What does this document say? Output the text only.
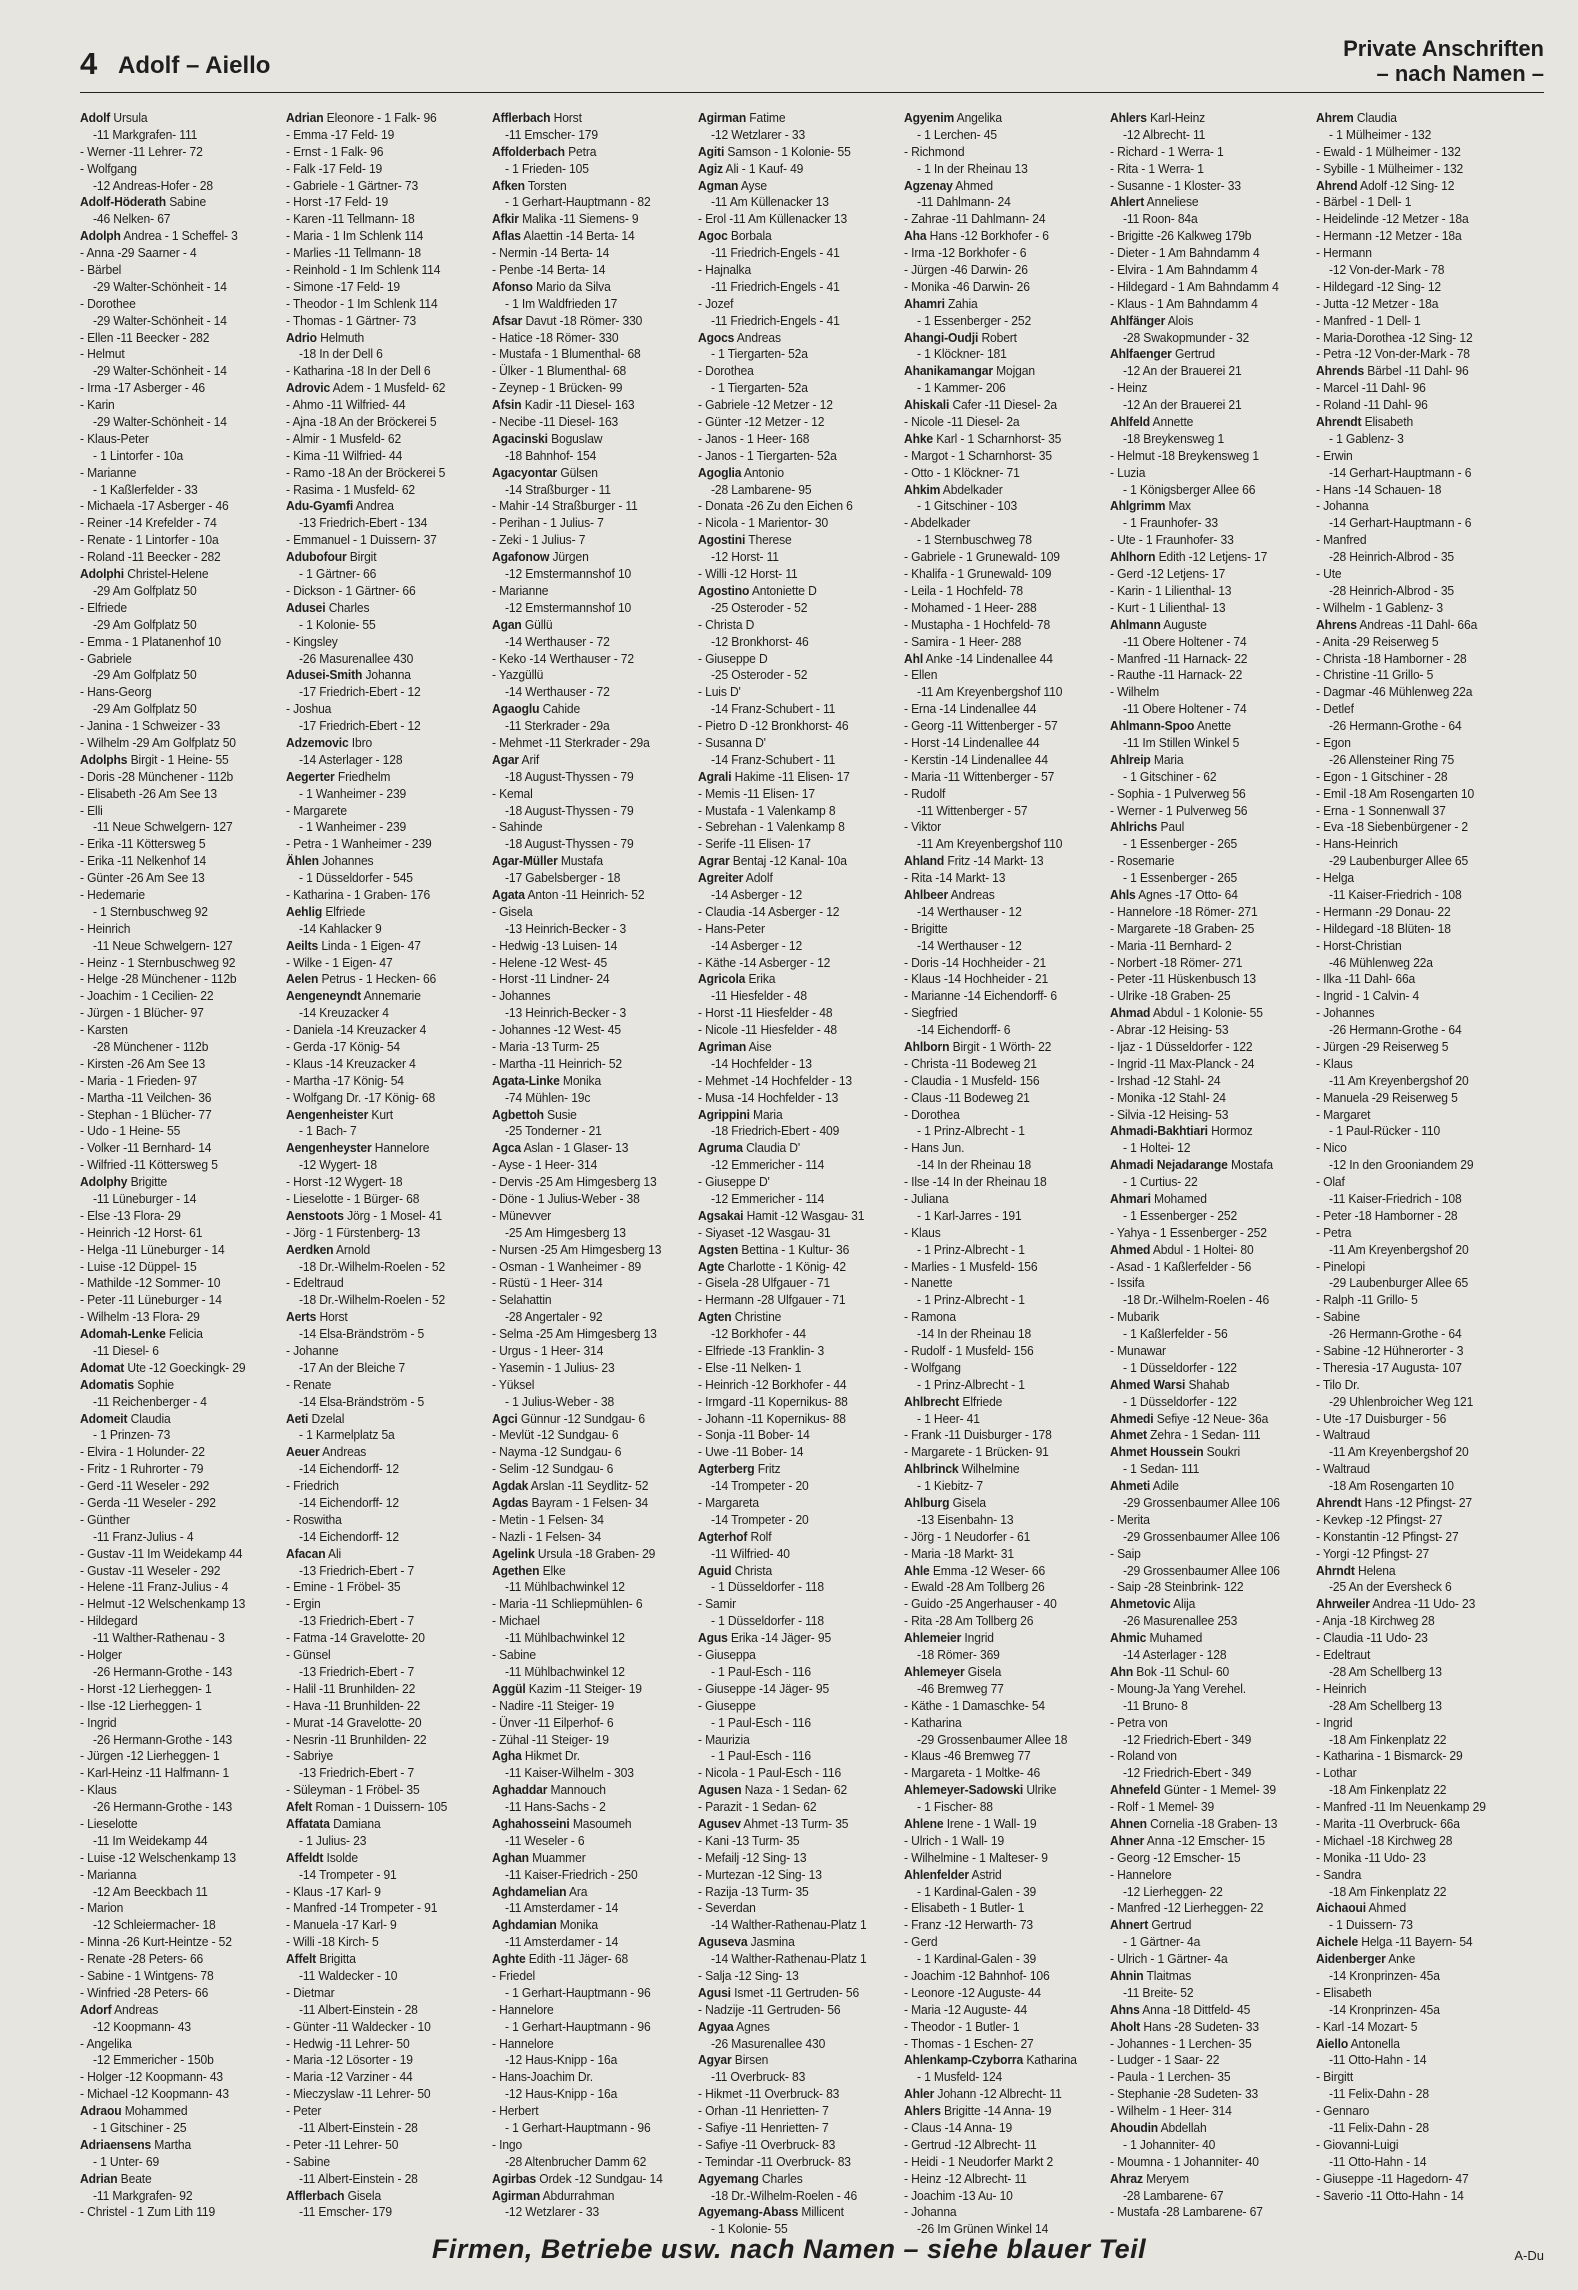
4 Adolf – Aiello
Private Anschriften
– nach Namen –
Adolf Ursula
-11 Markgrafen- 111
- Werner -11 Lehrer- 72
- Wolfgang
-12 Andreas-Hofer - 28
Adolf-Höderath Sabine
-46 Nelken- 67
Adolph Andrea - 1 Scheffel- 3
- Anna -29 Saarner - 4
- Bärbel
-29 Walter-Schönheit - 14
- Dorothee
-29 Walter-Schönheit - 14
- Ellen -11 Beecker - 282
- Helmut
-29 Walter-Schönheit - 14
- Irma -17 Asberger - 46
- Karin
-29 Walter-Schönheit - 14
- Klaus-Peter
- 1 Lintorfer - 10a
- Marianne
- 1 Kaßlerfelder - 33
- Michaela -17 Asberger - 46
- Reiner -14 Krefelder - 74
- Renate - 1 Lintorfer - 10a
- Roland -11 Beecker - 282
Adolphi Christel-Helene
-29 Am Golfplatz 50
- Elfriede
-29 Am Golfplatz 50
- Emma - 1 Platanenhof 10
- Gabriele
-29 Am Golfplatz 50
- Hans-Georg
-29 Am Golfplatz 50
- Janina - 1 Schweizer - 33
- Wilhelm -29 Am Golfplatz 50
Adolphs Birgit - 1 Heine- 55
- Doris -28 Münchener - 112b
- Elisabeth -26 Am See 13
- Elli
-11 Neue Schwelgern- 127
- Erika -11 Köttersweg 5
- Erika -11 Nelkenhof 14
- Günter -26 Am See 13
- Hedemarie
- 1 Sternbuschweg 92
- Heinrich
-11 Neue Schwelgern- 127
- Heinz - 1 Sternbuschweg 92
- Helge -28 Münchener - 112b
- Joachim - 1 Cecilien- 22
- Jürgen - 1 Blücher- 97
- Karsten
-28 Münchener - 112b
- Kirsten -26 Am See 13
- Maria - 1 Frieden- 97
- Martha -11 Veilchen- 36
- Stephan - 1 Blücher- 77
- Udo - 1 Heine- 55
- Volker -11 Bernhard- 14
- Wilfried -11 Köttersweg 5
Adolphy Brigitte
-11 Lüneburger - 14
- Else -13 Flora- 29
- Heinrich -12 Horst- 61
- Helga -11 Lüneburger - 14
- Luise -12 Düppel- 15
- Mathilde -12 Sommer- 10
- Peter -11 Lüneburger - 14
- Wilhelm -13 Flora- 29
Adomah-Lenke Felicia
-11 Diesel- 6
Adomat Ute -12 Goeckingk- 29
Adomatis Sophie
-11 Reichenberger - 4
Adomeit Claudia
- 1 Prinzen- 73
- Elvira - 1 Holunder- 22
- Fritz - 1 Ruhrorter - 79
- Gerd -11 Weseler - 292
- Gerda -11 Weseler - 292
- Günther
-11 Franz-Julius - 4
- Gustav -11 Im Weidekamp 44
- Gustav -11 Weseler - 292
- Helene -11 Franz-Julius - 4
- Helmut -12 Welschenkamp 13
- Hildegard
-11 Walther-Rathenau - 3
- Holger
-26 Hermann-Grothe - 143
- Horst -12 Lierheggen- 1
- Ilse -12 Lierheggen- 1
- Ingrid
-26 Hermann-Grothe - 143
- Jürgen -12 Lierheggen- 1
- Karl-Heinz -11 Halfmann- 1
- Klaus
-26 Hermann-Grothe - 143
- Lieselotte
-11 Im Weidekamp 44
- Luise -12 Welschenkamp 13
- Marianna
-12 Am Beeckbach 11
- Marion
-12 Schleiermacher- 18
- Minna -26 Kurt-Heintze - 52
- Renate -28 Peters- 66
- Sabine - 1 Wintgens- 78
- Winfried -28 Peters- 66
Adorf Andreas
-12 Koopmann- 43
- Angelika
-12 Emmericher - 150b
- Holger -12 Koopmann- 43
- Michael -12 Koopmann- 43
Adraou Mohammed
- 1 Gitschiner - 25
Adriaensens Martha
- 1 Unter- 69
Adrian Beate
-11 Markgrafen- 92
- Christel - 1 Zum Lith 119
Adrian Eleonore - 1 Falk- 96
- Emma -17 Feld- 19
- Ernst - 1 Falk- 96
- Falk -17 Feld- 19
- Gabriele - 1 Gärtner- 73
- Horst -17 Feld- 19
- Karen -11 Tellmann- 18
- Maria - 1 Im Schlenk 114
- Marlies -11 Tellmann- 18
- Reinhold - 1 Im Schlenk 114
- Simone -17 Feld- 19
- Theodor - 1 Im Schlenk 114
- Thomas - 1 Gärtner- 73
Adrio Helmuth
-18 In der Dell 6
- Katharina -18 In der Dell 6
Adrovic Adem - 1 Musfeld- 62
- Ahmo -11 Wilfried- 44
- Ajna -18 An der Bröckerei 5
- Almir - 1 Musfeld- 62
- Kima -11 Wilfried- 44
- Ramo -18 An der Bröckerei 5
- Rasima - 1 Musfeld- 62
Adu-Gyamfi Andrea
-13 Friedrich-Ebert - 134
- Emmanuel - 1 Duissern- 37
Adubofour Birgit
- 1 Gärtner- 66
- Dickson - 1 Gärtner- 66
Adusei Charles
- 1 Kolonie- 55
- Kingsley
-26 Masurenallee 430
Adusei-Smith Johanna
-17 Friedrich-Ebert - 12
- Joshua
-17 Friedrich-Ebert - 12
Adzemovic Ibro
-14 Asterlager - 128
Aegerter Friedhelm
- 1 Wanheimer - 239
- Margarete
- 1 Wanheimer - 239
- Petra - 1 Wanheimer - 239
Ählen Johannes
- 1 Düsseldorfer - 545
- Katharina - 1 Graben- 176
Aehlig Elfriede
-14 Kahlacker 9
Aeilts Linda - 1 Eigen- 47
- Wilke - 1 Eigen- 47
Aelen Petrus - 1 Hecken- 66
Aengeneyndt Annemarie
-14 Kreuzacker 4
- Daniela -14 Kreuzacker 4
- Gerda -17 König- 54
- Klaus -14 Kreuzacker 4
- Martha -17 König- 54
- Wolfgang Dr. -17 König- 68
Aengenheister Kurt
- 1 Bach- 7
Aengenheyster Hannelore
-12 Wygert- 18
- Horst -12 Wygert- 18
- Lieselotte - 1 Bürger- 68
Aenstoots Jörg - 1 Mosel- 41
- Jörg - 1 Fürstenberg- 13
Aerdken Arnold
-18 Dr.-Wilhelm-Roelen - 52
- Edeltraud
-18 Dr.-Wilhelm-Roelen - 52
Aerts Horst
-14 Elsa-Brändström - 5
- Johanne
-17 An der Bleiche 7
- Renate
-14 Elsa-Brändström - 5
Aeti Dzelal
- 1 Karmelplatz 5a
Aeuer Andreas
-14 Eichendorff- 12
- Friedrich
-14 Eichendorff- 12
- Roswitha
-14 Eichendorff- 12
Afacan Ali
-13 Friedrich-Ebert - 7
- Emine - 1 Fröbel- 35
- Ergin
-13 Friedrich-Ebert - 7
- Fatma -14 Gravelotte- 20
- Günsel
-13 Friedrich-Ebert - 7
- Halil -11 Brunhilden- 22
- Hava -11 Brunhilden- 22
- Murat -14 Gravelotte- 20
- Nesrin -11 Brunhilden- 22
- Sabriye
-13 Friedrich-Ebert - 7
- Süleyman - 1 Fröbel- 35
Afelt Roman - 1 Duissern- 105
Affatata Damiana
- 1 Julius- 23
Affeldt Isolde
-14 Trompeter - 91
- Klaus -17 Karl- 9
- Manfred -14 Trompeter - 91
- Manuela -17 Karl- 9
- Willi -18 Kirch- 5
Affelt Brigitta
-11 Waldecker - 10
- Dietmar
-11 Albert-Einstein - 28
- Günter -11 Waldecker - 10
- Hedwig -11 Lehrer- 50
- Maria -12 Lösorter - 19
- Maria -12 Varziner - 44
- Mieczyslaw -11 Lehrer- 50
- Peter
-11 Albert-Einstein - 28
- Peter -11 Lehrer- 50
- Sabine
-11 Albert-Einstein - 28
Afflerbach Gisela
-11 Emscher- 179
Afflerbach Horst
-11 Emscher- 179
Affolderbach Petra
- 1 Frieden- 105
Afken Torsten
- 1 Gerhart-Hauptmann - 82
Afkir Malika -11 Siemens- 9
Aflas Alaettin -14 Berta- 14
- Nermin -14 Berta- 14
- Penbe -14 Berta- 14
Afonso Mario da Silva
- 1 Im Waldfrieden 17
Afsar Davut -18 Römer- 330
- Hatice -18 Römer- 330
- Mustafa - 1 Blumenthal- 68
- Ülker - 1 Blumenthal- 68
- Zeynep - 1 Brücken- 99
Afsin Kadir -11 Diesel- 163
- Necibe -11 Diesel- 163
Agacinski Boguslaw
-18 Bahnhof- 154
Agacyontar Gülsen
-14 Straßburger - 11
- Mahir -14 Straßburger - 11
- Perihan - 1 Julius- 7
- Zeki - 1 Julius- 7
Agafonow Jürgen
-12 Emstermannshof 10
- Marianne
-12 Emstermannshof 10
Agan Güllü
-14 Werthauser - 72
- Keko -14 Werthauser - 72
- Yazgüllü
-14 Werthauser - 72
Agaoglu Cahide
-11 Sterkrader - 29a
- Mehmet -11 Sterkrader - 29a
Agar Arif
-18 August-Thyssen - 79
- Kemal
-18 August-Thyssen - 79
- Sahinde
-18 August-Thyssen - 79
Agar-Müller Mustafa
-17 Gabelsberger - 18
Agata Anton -11 Heinrich- 52
- Gisela
-13 Heinrich-Becker - 3
- Hedwig -13 Luisen- 14
- Helene -12 West- 45
- Horst -11 Lindner- 24
- Johannes
-13 Heinrich-Becker - 3
- Johannes -12 West- 45
- Maria -13 Turm- 25
- Martha -11 Heinrich- 52
Agata-Linke Monika
-74 Mühlen- 19c
Agbettoh Susie
-25 Tonderner - 21
Agca Aslan - 1 Glaser- 13
- Ayse - 1 Heer- 314
- Dervis -25 Am Himgesberg 13
- Döne - 1 Julius-Weber - 38
- Münevver
-25 Am Himgesberg 13
- Nursen -25 Am Himgesberg 13
- Osman - 1 Wanheimer - 89
- Rüstü - 1 Heer- 314
- Selahattin
-28 Angertaler - 92
- Selma -25 Am Himgesberg 13
- Urgus - 1 Heer- 314
- Yasemin - 1 Julius- 23
- Yüksel
- 1 Julius-Weber - 38
Agci Günnur -12 Sundgau- 6
- Mevlüt -12 Sundgau- 6
- Nayma -12 Sundgau- 6
- Selim -12 Sundgau- 6
Agdak Arslan -11 Seydlitz- 52
Agdas Bayram - 1 Felsen- 34
- Metin - 1 Felsen- 34
- Nazli - 1 Felsen- 34
Agelink Ursula -18 Graben- 29
Agethen Elke
-11 Mühlbachwinkel 12
- Maria -11 Schliepmühlen- 6
- Michael
-11 Mühlbachwinkel 12
- Sabine
-11 Mühlbachwinkel 12
Aggül Kazim -11 Steiger- 19
- Nadire -11 Steiger- 19
- Ünver -11 Eilperhof- 6
- Zühal -11 Steiger- 19
Agha Hikmet Dr.
-11 Kaiser-Wilhelm - 303
Aghaddar Mannouch
-11 Hans-Sachs - 2
Aghahosseini Masoumeh
-11 Weseler - 6
Aghan Muammer
-11 Kaiser-Friedrich - 250
Aghdamelian Ara
-11 Amsterdamer - 14
Aghdamian Monika
-11 Amsterdamer - 14
Aghte Edith -11 Jäger- 68
- Friedel
- 1 Gerhart-Hauptmann - 96
- Hannelore
- 1 Gerhart-Hauptmann - 96
- Hannelore
-12 Haus-Knipp - 16a
- Hans-Joachim Dr.
-12 Haus-Knipp - 16a
- Herbert
- 1 Gerhart-Hauptmann - 96
- Ingo
-28 Altenbrucher Damm 62
Agirbas Ordek -12 Sundgau- 14
Agirman Abdurrahman
-12 Wetzlarer - 33
Agirman Fatime
-12 Wetzlarer - 33
Agiti Samson - 1 Kolonie- 55
Agiz Ali - 1 Kauf- 49
Agman Ayse
-11 Am Küllenacker 13
- Erol -11 Am Küllenacker 13
Agoc Borbala
-11 Friedrich-Engels - 41
- Hajnalka
-11 Friedrich-Engels - 41
- Jozef
-11 Friedrich-Engels - 41
Agocs Andreas
- 1 Tiergarten- 52a
- Dorothea
- 1 Tiergarten- 52a
- Gabriele -12 Metzer - 12
- Günter -12 Metzer - 12
- Janos - 1 Heer- 168
- Janos - 1 Tiergarten- 52a
Agoglia Antonio
-28 Lambarene- 95
- Donata -26 Zu den Eichen 6
- Nicola - 1 Marientor- 30
Agostini Therese
-12 Horst- 11
- Willi -12 Horst- 11
Agostino Antoniette D
-25 Osteroder - 52
- Christa D
-12 Bronkhorst- 46
- Giuseppe D
-25 Osteroder - 52
- Luis D'
-14 Franz-Schubert - 11
- Pietro D -12 Bronkhorst- 46
- Susanna D'
-14 Franz-Schubert - 11
Agrali Hakime -11 Elisen- 17
- Memis -11 Elisen- 17
- Mustafa - 1 Valenkamp 8
- Sebrehan - 1 Valenkamp 8
- Serife -11 Elisen- 17
Agrar Bentaj -12 Kanal- 10a
Agreiter Adolf
-14 Asberger - 12
- Claudia -14 Asberger - 12
- Hans-Peter
-14 Asberger - 12
- Käthe -14 Asberger - 12
Agricola Erika
-11 Hiesfelder - 48
- Horst -11 Hiesfelder - 48
- Nicole -11 Hiesfelder - 48
Agriman Aise
-14 Hochfelder - 13
- Mehmet -14 Hochfelder - 13
- Musa -14 Hochfelder - 13
Agrippini Maria
-18 Friedrich-Ebert - 409
Agruma Claudia D'
-12 Emmericher - 114
- Giuseppe D'
-12 Emmericher - 114
Agsakai Hamit -12 Wasgau- 31
- Siyaset -12 Wasgau- 31
Agsten Bettina - 1 Kultur- 36
Agte Charlotte - 1 König- 42
- Gisela -28 Ulfgauer - 71
- Hermann -28 Ulfgauer - 71
Agten Christine
-12 Borkhofer - 44
- Elfriede -13 Franklin- 3
- Else -11 Nelken- 1
- Heinrich -12 Borkhofer - 44
- Irmgard -11 Kopernikus- 88
- Johann -11 Kopernikus- 88
- Sonja -11 Bober- 14
- Uwe -11 Bober- 14
Agterberg Fritz
-14 Trompeter - 20
- Margareta
-14 Trompeter - 20
Agterhof Rolf
-11 Wilfried- 40
Aguid Christa
- 1 Düsseldorfer - 118
- Samir
- 1 Düsseldorfer - 118
Agus Erika -14 Jäger- 95
- Giuseppa
- 1 Paul-Esch - 116
- Giuseppe -14 Jäger- 95
- Giuseppe
- 1 Paul-Esch - 116
- Maurizia
- 1 Paul-Esch - 116
- Nicola - 1 Paul-Esch - 116
Agusen Naza - 1 Sedan- 62
- Parazit - 1 Sedan- 62
Agusev Ahmet -13 Turm- 35
- Kani -13 Turm- 35
- Mefailj -12 Sing- 13
- Murtezan -12 Sing- 13
- Razija -13 Turm- 35
- Severdan
-14 Walther-Rathenau-Platz 1
Aguseva Jasmina
-14 Walther-Rathenau-Platz 1
- Salja -12 Sing- 13
Agusi Ismet -11 Gertruden- 56
- Nadzije -11 Gertruden- 56
Agyaa Agnes
-26 Masurenallee 430
Agyar Birsen
-11 Overbruck- 83
- Hikmet -11 Overbruck- 83
- Orhan -11 Henrietten- 7
- Safiye -11 Henrietten- 7
- Safiye -11 Overbruck- 83
- Temindar -11 Overbruck- 83
Agyemang Charles
-18 Dr.-Wilhelm-Roelen - 46
Agyemang-Abass Millicent
- 1 Kolonie- 55
Agyenim Angelika
- 1 Lerchen- 45
- Richmond
- 1 In der Rheinau 13
Agzenay Ahmed
-11 Dahlmann- 24
- Zahrae -11 Dahlmann- 24
Aha Hans -12 Borkhofer - 6
- Irma -12 Borkhofer - 6
- Jürgen -46 Darwin- 26
- Monika -46 Darwin- 26
Ahamri Zahia
- 1 Essenberger - 252
Ahangi-Oudji Robert
- 1 Klöckner- 181
Ahanikamangar Mojgan
- 1 Kammer- 206
Ahiskali Cafer -11 Diesel- 2a
- Nicole -11 Diesel- 2a
Ahke Karl - 1 Scharnhorst- 35
- Margot - 1 Scharnhorst- 35
- Otto - 1 Klöckner- 71
Ahkim Abdelkader
- 1 Gitschiner - 103
- Abdelkader
- 1 Sternbuschweg 78
- Gabriele - 1 Grunewald- 109
- Khalifa - 1 Grunewald- 109
- Leila - 1 Hochfeld- 78
- Mohamed - 1 Heer- 288
- Mustapha - 1 Hochfeld- 78
- Samira - 1 Heer- 288
Ahl Anke -14 Lindenallee 44
- Ellen
-11 Am Kreyenbergshof 110
- Erna -14 Lindenallee 44
- Georg -11 Wittenberger - 57
- Horst -14 Lindenallee 44
- Kerstin -14 Lindenallee 44
- Maria -11 Wittenberger - 57
- Rudolf
-11 Wittenberger - 57
- Viktor
-11 Am Kreyenbergshof 110
Ahland Fritz -14 Markt- 13
- Rita -14 Markt- 13
Ahlbeer Andreas
-14 Werthauser - 12
- Brigitte
-14 Werthauser - 12
- Doris -14 Hochheider - 21
- Klaus -14 Hochheider - 21
- Marianne -14 Eichendorff- 6
- Siegfried
-14 Eichendorff- 6
Ahlborn Birgit - 1 Wörth- 22
- Christa -11 Bodeweg 21
- Claudia - 1 Musfeld- 156
- Claus -11 Bodeweg 21
- Dorothea
- 1 Prinz-Albrecht - 1
- Hans Jun.
-14 In der Rheinau 18
- Ilse -14 In der Rheinau 18
- Juliana
- 1 Karl-Jarres - 191
- Klaus
- 1 Prinz-Albrecht - 1
- Marlies - 1 Musfeld- 156
- Nanette
- 1 Prinz-Albrecht - 1
- Ramona
-14 In der Rheinau 18
- Rudolf - 1 Musfeld- 156
- Wolfgang
- 1 Prinz-Albrecht - 1
Ahlbrecht Elfriede
- 1 Heer- 41
- Frank -11 Duisburger - 178
- Margarete - 1 Brücken- 91
Ahlbrinck Wilhelmine
- 1 Kiebitz- 7
Ahlburg Gisela
-13 Eisenbahn- 13
- Jörg - 1 Neudorfer - 61
- Maria -18 Markt- 31
Ahle Emma -12 Weser- 66
- Ewald -28 Am Tollberg 26
- Guido -25 Angerhauser - 40
- Rita -28 Am Tollberg 26
Ahlemeier Ingrid
-18 Römer- 369
Ahlemeyer Gisela
-46 Bremweg 77
- Käthe - 1 Damaschke- 54
- Katharina
-29 Grossenbaumer Allee 18
- Klaus -46 Bremweg 77
- Margareta - 1 Moltke- 46
Ahlemeyer-Sadowski Ulrike
- 1 Fischer- 88
Ahlene Irene - 1 Wall- 19
- Ulrich - 1 Wall- 19
- Wilhelmine - 1 Malteser- 9
Ahlenfelder Astrid
- 1 Kardinal-Galen - 39
- Elisabeth - 1 Butler- 1
- Franz -12 Herwarth- 73
- Gerd
- 1 Kardinal-Galen - 39
- Joachim -12 Bahnhof- 106
- Leonore -12 Auguste- 44
- Maria -12 Auguste- 44
- Theodor - 1 Butler- 1
- Thomas - 1 Eschen- 27
Ahlenkamp-Czyborra Katharina
- 1 Musfeld- 124
Ahler Johann -12 Albrecht- 11
Ahlers Brigitte -14 Anna- 19
- Claus -14 Anna- 19
- Gertrud -12 Albrecht- 11
- Heidi - 1 Neudorfer Markt 2
- Heinz -12 Albrecht- 11
- Joachim -13 Au- 10
- Johanna
-26 Im Grünen Winkel 14
Ahlers Karl-Heinz
-12 Albrecht- 11
- Richard - 1 Werra- 1
- Rita - 1 Werra- 1
- Susanne - 1 Kloster- 33
Ahlert Anneliese
-11 Roon- 84a
- Brigitte -26 Kalkweg 179b
- Dieter - 1 Am Bahndamm 4
- Elvira - 1 Am Bahndamm 4
- Hildegard - 1 Am Bahndamm 4
- Klaus - 1 Am Bahndamm 4
Ahlfänger Alois
-28 Swakopmunder - 32
Ahlfaenger Gertrud
-12 An der Brauerei 21
- Heinz
-12 An der Brauerei 21
Ahlfeld Annette
-18 Breykensweg 1
- Helmut -18 Breykensweg 1
- Luzia
- 1 Königsberger Allee 66
Ahlgrimm Max
- 1 Fraunhofer- 33
- Ute - 1 Fraunhofer- 33
Ahlhorn Edith -12 Letjens- 17
- Gerd -12 Letjens- 17
- Karin - 1 Lilienthal- 13
- Kurt - 1 Lilienthal- 13
Ahlmann Auguste
-11 Obere Holtener - 74
- Manfred -11 Harnack- 22
- Rauthe -11 Harnack- 22
- Wilhelm
-11 Obere Holtener - 74
Ahlmann-Spoo Anette
-11 Im Stillen Winkel 5
Ahlreip Maria
- 1 Gitschiner - 62
- Sophia - 1 Pulverweg 56
- Werner - 1 Pulverweg 56
Ahlrichs Paul
- 1 Essenberger - 265
- Rosemarie
- 1 Essenberger - 265
Ahls Agnes -17 Otto- 64
- Hannelore -18 Römer- 271
- Margarete -18 Graben- 25
- Maria -11 Bernhard- 2
- Norbert -18 Römer- 271
- Peter -11 Hüskenbusch 13
- Ulrike -18 Graben- 25
Ahmad Abdul - 1 Kolonie- 55
- Abrar -12 Heising- 53
- Ijaz - 1 Düsseldorfer - 122
- Ingrid -11 Max-Planck - 24
- Irshad -12 Stahl- 24
- Monika -12 Stahl- 24
- Silvia -12 Heising- 53
Ahmadi-Bakhtiari Hormoz
- 1 Holtei- 12
Ahmadi Nejadarange Mostafa
- 1 Curtius- 22
Ahmari Mohamed
- 1 Essenberger - 252
- Yahya - 1 Essenberger - 252
Ahmed Abdul - 1 Holtei- 80
- Asad - 1 Kaßlerfelder - 56
- Issifa
-18 Dr.-Wilhelm-Roelen - 46
- Mubarik
- 1 Kaßlerfelder - 56
- Munawar
- 1 Düsseldorfer - 122
Ahmed Warsi Shahab
- 1 Düsseldorfer - 122
Ahmedi Sefiye -12 Neue- 36a
Ahmet Zehra - 1 Sedan- 111
Ahmet Houssein Soukri
- 1 Sedan- 111
Ahmeti Adile
-29 Grossenbaumer Allee 106
- Merita
-29 Grossenbaumer Allee 106
- Saip
-29 Grossenbaumer Allee 106
- Saip -28 Steinbrink- 122
Ahmetovic Alija
-26 Masurenallee 253
Ahmic Muhamed
-14 Asterlager - 128
Ahn Bok -11 Schul- 60
- Moung-Ja Yang Verehel.
-11 Bruno- 8
- Petra von
-12 Friedrich-Ebert - 349
- Roland von
-12 Friedrich-Ebert - 349
Ahnefeld Günter - 1 Memel- 39
- Rolf - 1 Memel- 39
Ahnen Cornelia -18 Graben- 13
Ahner Anna -12 Emscher- 15
- Georg -12 Emscher- 15
- Hannelore
-12 Lierheggen- 22
- Manfred -12 Lierheggen- 22
Ahnert Gertrud
- 1 Gärtner- 4a
- Ulrich - 1 Gärtner- 4a
Ahnin Tlaitmas
-11 Breite- 52
Ahns Anna -18 Dittfeld- 45
Aholt Hans -28 Sudeten- 33
- Johannes - 1 Lerchen- 35
- Ludger - 1 Saar- 22
- Paula - 1 Lerchen- 35
- Stephanie -28 Sudeten- 33
- Wilhelm - 1 Heer- 314
Ahoudin Abdellah
- 1 Johanniter- 40
- Moumna - 1 Johanniter- 40
Ahraz Meryem
-28 Lambarene- 67
- Mustafa -28 Lambarene- 67
Ahrem Claudia
- 1 Mülheimer - 132
- Ewald - 1 Mülheimer - 132
- Sybille - 1 Mülheimer - 132
Ahrend Adolf -12 Sing- 12
- Bärbel - 1 Dell- 1
- Heidelinde -12 Metzer - 18a
- Hermann -12 Metzer - 18a
- Hermann
-12 Von-der-Mark - 78
- Hildegard -12 Sing- 12
- Jutta -12 Metzer - 18a
- Manfred - 1 Dell- 1
- Maria-Dorothea -12 Sing- 12
- Petra -12 Von-der-Mark - 78
Ahrends Bärbel -11 Dahl- 96
- Marcel -11 Dahl- 96
- Roland -11 Dahl- 96
Ahrendt Elisabeth
- 1 Gablenz- 3
- Erwin
-14 Gerhart-Hauptmann - 6
- Hans -14 Schauen- 18
- Johanna
-14 Gerhart-Hauptmann - 6
- Manfred
-28 Heinrich-Albrod - 35
- Ute
-28 Heinrich-Albrod - 35
- Wilhelm - 1 Gablenz- 3
Ahrens Andreas -11 Dahl- 66a
- Anita -29 Reiserweg 5
- Christa -18 Hamborner - 28
- Christine -11 Grillo- 5
- Dagmar -46 Mühlenweg 22a
- Detlef
-26 Hermann-Grothe - 64
- Egon
-26 Allensteiner Ring 75
- Egon - 1 Gitschiner - 28
- Emil -18 Am Rosengarten 10
- Erna - 1 Sonnenwall 37
- Eva -18 Siebenbürgener - 2
- Hans-Heinrich
-29 Laubenburger Allee 65
- Helga
-11 Kaiser-Friedrich - 108
- Hermann -29 Donau- 22
- Hildegard -18 Blüten- 18
- Horst-Christian
-46 Mühlenweg 22a
- Ilka -11 Dahl- 66a
- Ingrid - 1 Calvin- 4
- Johannes
-26 Hermann-Grothe - 64
- Jürgen -29 Reiserweg 5
- Klaus
-11 Am Kreyenbergshof 20
- Manuela -29 Reiserweg 5
- Margaret
- 1 Paul-Rücker - 110
- Nico
-12 In den Grooniandem 29
- Olaf
-11 Kaiser-Friedrich - 108
- Peter -18 Hamborner - 28
- Petra
-11 Am Kreyenbergshof 20
- Pinelopi
-29 Laubenburger Allee 65
- Ralph -11 Grillo- 5
- Sabine
-26 Hermann-Grothe - 64
- Sabine -12 Hühnerorter - 3
- Theresia -17 Augusta- 107
- Tilo Dr.
-29 Uhlenbroicher Weg 121
- Ute -17 Duisburger - 56
- Waltraud
-11 Am Kreyenbergshof 20
- Waltraud
-18 Am Rosengarten 10
Ahrendt Hans -12 Pfingst- 27
- Kevkep -12 Pfingst- 27
- Konstantin -12 Pfingst- 27
- Yorgi -12 Pfingst- 27
Ahrndt Helena
-25 An der Eversheck 6
Ahrweiler Andrea -11 Udo- 23
- Anja -18 Kirchweg 28
- Claudia -11 Udo- 23
- Edeltraut
-28 Am Schellberg 13
- Heinrich
-28 Am Schellberg 13
- Ingrid
-18 Am Finkenplatz 22
- Katharina - 1 Bismarck- 29
- Lothar
-18 Am Finkenplatz 22
- Manfred -11 Im Neuenkamp 29
- Marita -11 Overbruck- 66a
- Michael -18 Kirchweg 28
- Monika -11 Udo- 23
- Sandra
-18 Am Finkenplatz 22
Aichaoui Ahmed
- 1 Duissern- 73
Aichele Helga -11 Bayern- 54
Aidenberger Anke
-14 Kronprinzen- 45a
- Elisabeth
-14 Kronprinzen- 45a
- Karl -14 Mozart- 5
Aiello Antonella
-11 Otto-Hahn - 14
- Birgitt
-11 Felix-Dahn - 28
- Gennaro
-11 Felix-Dahn - 28
- Giovanni-Luigi
-11 Otto-Hahn - 14
- Giuseppe -11 Hagedorn- 47
- Saverio -11 Otto-Hahn - 14
Firmen, Betriebe usw. nach Namen – siehe blauer Teil	A-Du
